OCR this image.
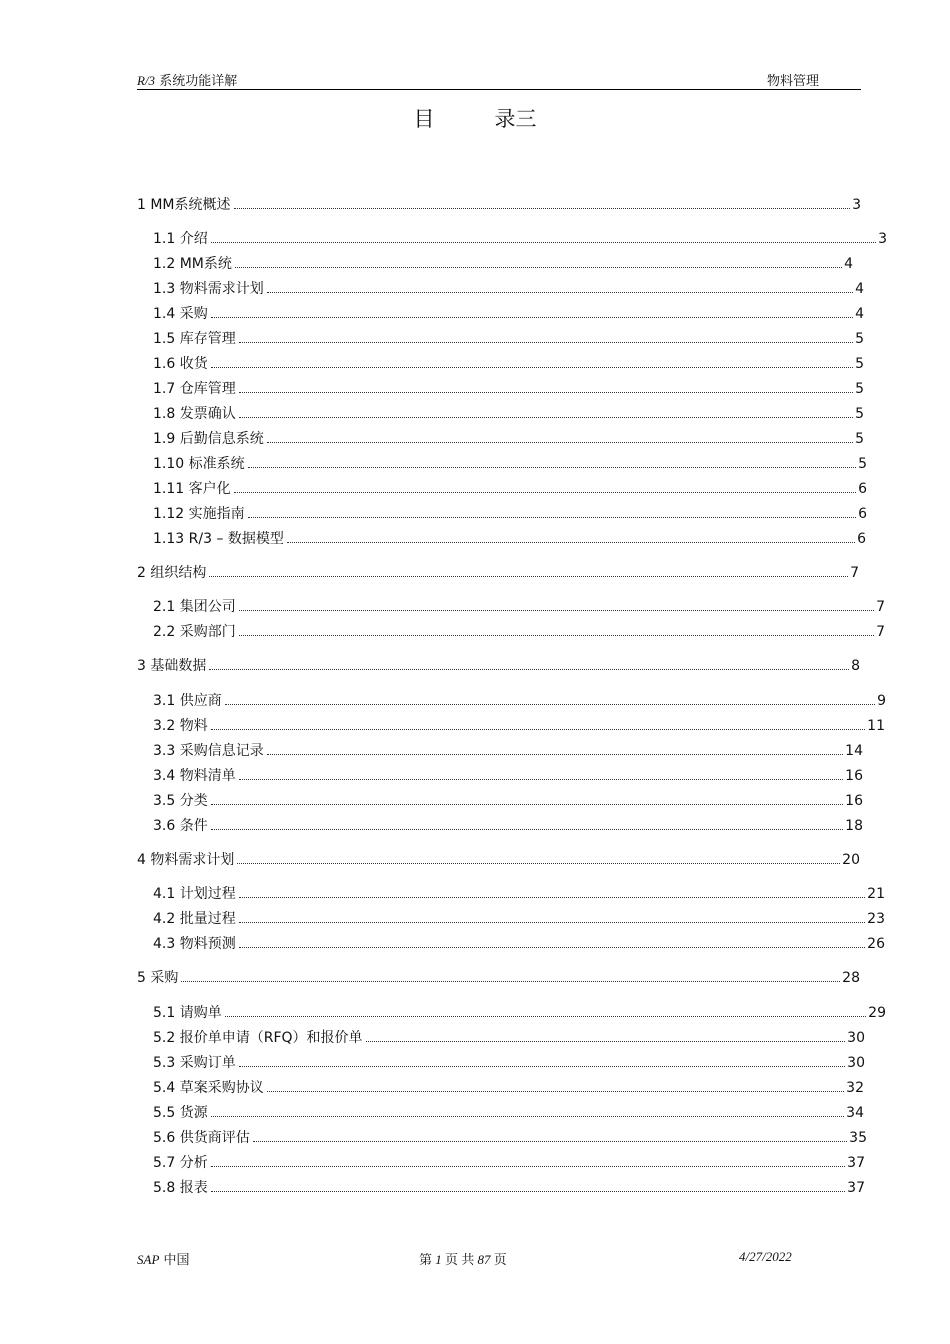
R/3 系统功能详解	物料管理
目	录三
1 MM系统概述	3
1.1 介绍	3
1.2 MM系统	4
1.3 物料需求计划	4
1.4 采购	4
1.5 库存管理	5
1.6 收货	5
1.7 仓库管理	5
1.8 发票确认	5
1.9 后勤信息系统	5
1.10 标准系统	5
1.11 客户化	6
1.12 实施指南	6
1.13 R/3 – 数据模型	6
2 组织结构	7
2.1 集团公司	7
2.2 采购部门	7
3 基础数据	8
3.1 供应商	9
3.2 物料	11
3.3 采购信息记录	14
3.4 物料清单	16
3.5 分类	16
3.6 条件	18
4 物料需求计划	20
4.1 计划过程	21
4.2 批量过程	23
4.3 物料预测	26
5 采购	28
5.1 请购单	29
5.2 报价单申请（RFQ）和报价单	30
5.3 采购订单	30
5.4 草案采购协议	32
5.5 货源	34
5.6 供货商评估	35
5.7 分析	37
5.8 报表	37
SAP 中国	第 1 页 共 87 页	4/27/2022
